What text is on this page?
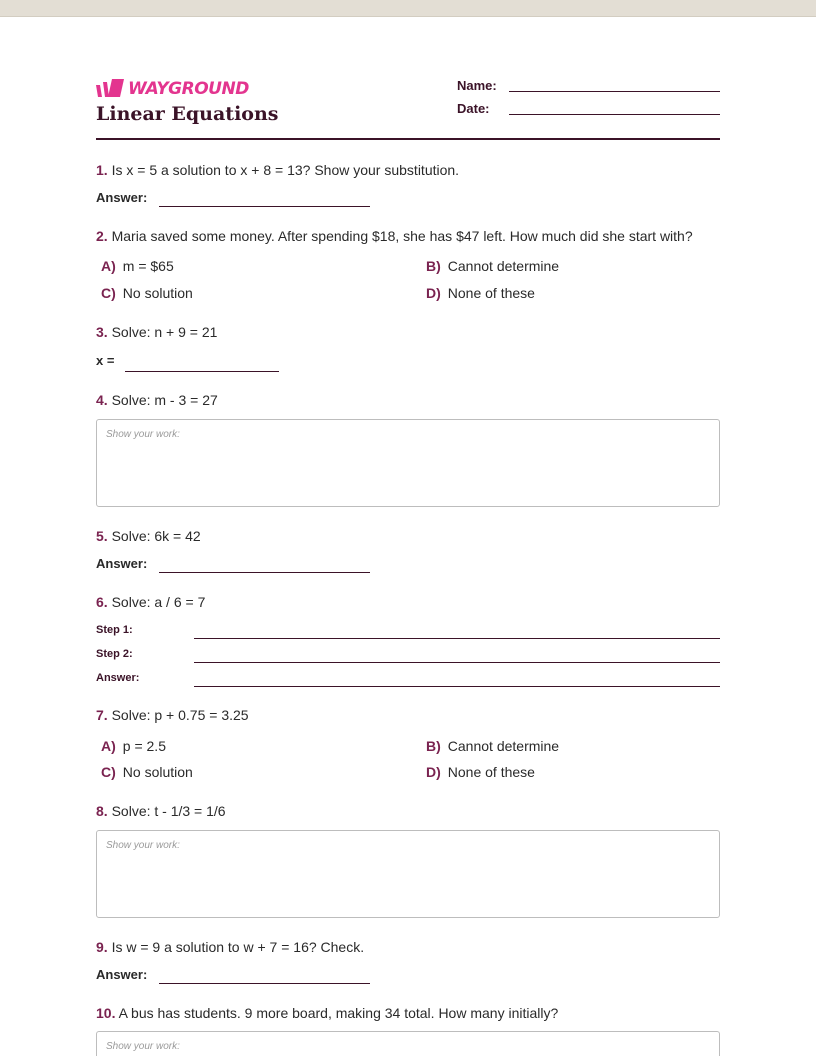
WAYGROUND
Linear Equations
Name:
Date:
1. Is x = 5 a solution to x + 8 = 13? Show your substitution.
Answer:
2. Maria saved some money. After spending $18, she has $47 left. How much did she start with?
A) m = $65	B) Cannot determine
C) No solution	D) None of these
3. Solve: n + 9 = 21
x =
4. Solve: m - 3 = 27
Show your work:
5. Solve: 6k = 42
Answer:
6. Solve: a / 6 = 7
Step 1:
Step 2:
Answer:
7. Solve: p + 0.75 = 3.25
A) p = 2.5	B) Cannot determine
C) No solution	D) None of these
8. Solve: t - 1/3 = 1/6
Show your work:
9. Is w = 9 a solution to w + 7 = 16? Check.
Answer:
10. A bus has students. 9 more board, making 34 total. How many initially?
Show your work:
